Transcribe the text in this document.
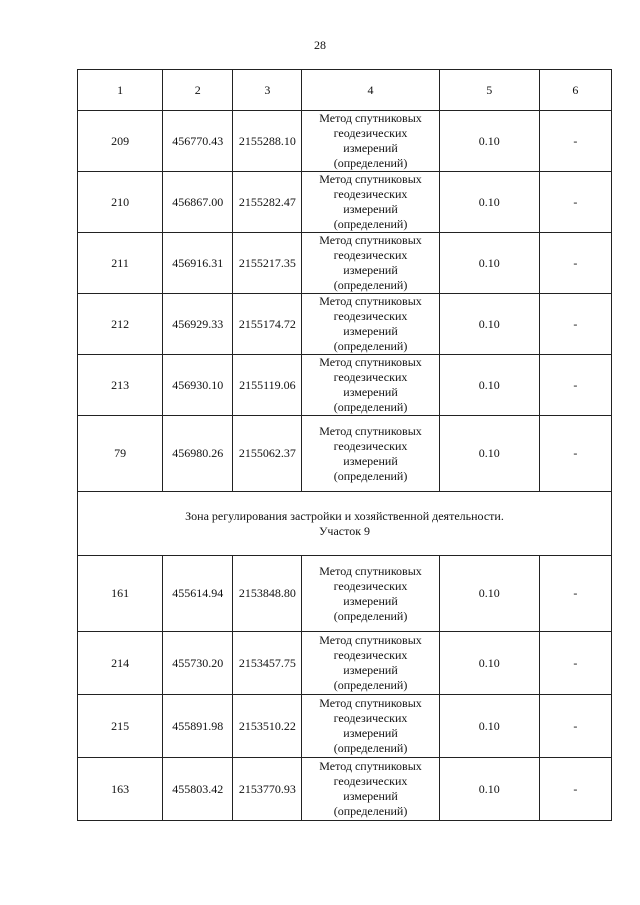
28
1	2	3	4	5	6
209	456770.43	2155288.10	Метод спутниковых
геодезических
измерений
(определений)	0.10	-
210	456867.00	2155282.47	Метод спутниковых
геодезических
измерений
(определений)	0.10	-
211	456916.31	2155217.35	Метод спутниковых
геодезических
измерений
(определений)	0.10	-
212	456929.33	2155174.72	Метод спутниковых
геодезических
измерений
(определений)	0.10	-
213	456930.10	2155119.06	Метод спутниковых
геодезических
измерений
(определений)	0.10	-
79	456980.26	2155062.37	Метод спутниковых
геодезических
измерений
(определений)	0.10	-

Зона регулирования застройки и хозяйственной деятельности.
Участок 9					

161	455614.94	2153848.80	Метод спутниковых
геодезических
измерений
(определений)	0.10	-
214	455730.20	2153457.75	Метод спутниковых
геодезических
измерений
(определений)	0.10	-
215	455891.98	2153510.22	Метод спутниковых
геодезических
измерений
(определений)	0.10	-
163	455803.42	2153770.93	Метод спутниковых
геодезических
измерений
(определений)	0.10	-
